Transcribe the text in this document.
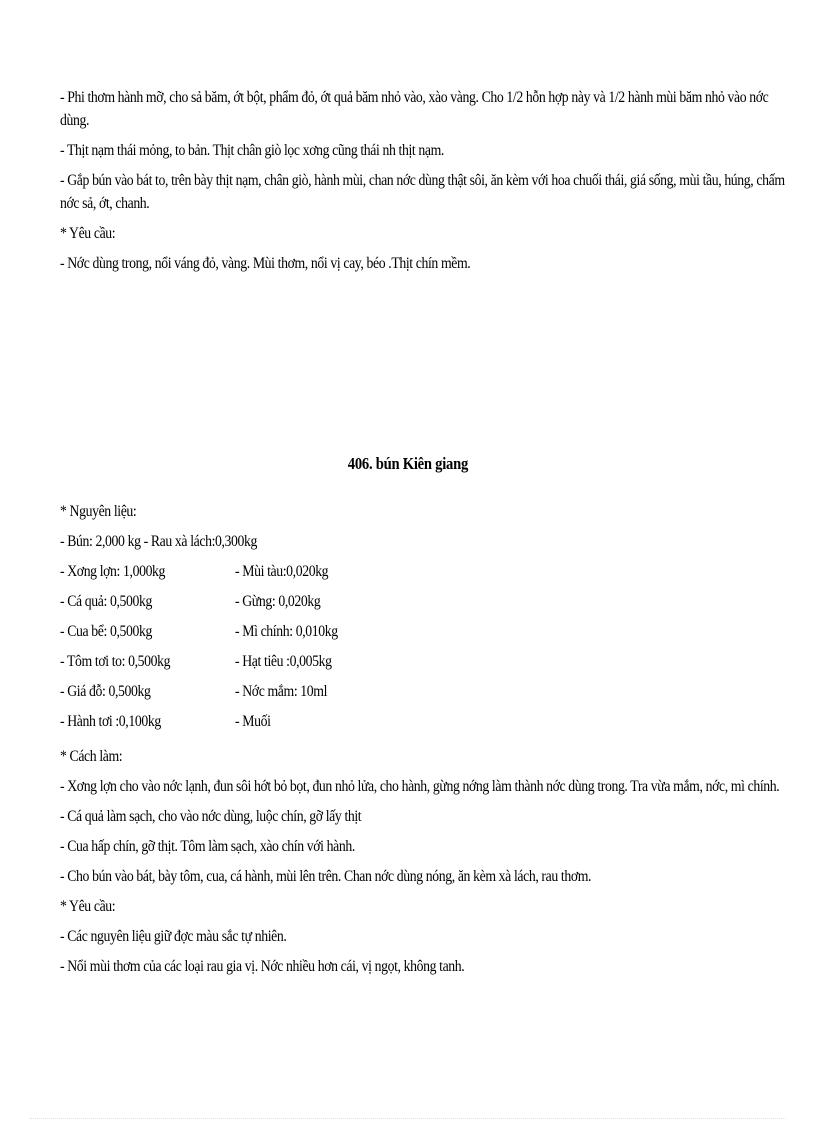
- Phi thơm hành mỡ, cho sả băm, ớt bột, phẩm đỏ, ớt quả băm nhỏ vào, xào vàng. Cho 1/2 hỗn hợp này và 1/2 hành mùi băm nhỏ vào nớc dùng.

- Thịt nạm thái mỏng, to bản. Thịt chân giò lọc xơng cũng thái nh thịt nạm.

- Gắp bún vào bát to, trên bày thịt nạm, chân giò, hành mùi, chan nớc dùng thật sôi, ăn kèm với hoa chuối thái, giá sống, mùi tầu, húng, chấm nớc sả, ớt, chanh.

* Yêu cầu:

- Nớc dùng trong, nổi váng đỏ, vàng. Mùi thơm, nổi vị cay, béo .Thịt chín mềm.

406. bún Kiên giang

* Nguyên liệu:

- Bún: 2,000 kg - Rau xà lách:0,300kg

- Xơng lợn: 1,000kg	- Mùi tàu:0,020kg
- Cá quả: 0,500kg	- Gừng: 0,020kg
- Cua bể: 0,500kg	- Mì chính: 0,010kg
- Tôm tơi to: 0,500kg	- Hạt tiêu :0,005kg
- Giá đỗ: 0,500kg	- Nớc mắm: 10ml
- Hành tơi :0,100kg	- Muối

* Cách làm:

- Xơng lợn cho vào nớc lạnh, đun sôi hớt bỏ bọt, đun nhỏ lửa, cho hành, gừng nớng làm thành nớc dùng trong. Tra vừa mắm, nớc, mì chính.

- Cá quả làm sạch, cho vào nớc dùng, luộc chín, gỡ lấy thịt

- Cua hấp chín, gỡ thịt. Tôm làm sạch, xào chín với hành.

- Cho bún vào bát, bày tôm, cua, cá hành, mùi lên trên. Chan nớc dùng nóng, ăn kèm xà lách, rau thơm.

* Yêu cầu:

- Các nguyên liệu giữ đợc màu sắc tự nhiên.

- Nổi mùi thơm của các loại rau gia vị. Nớc nhiều hơn cái, vị ngọt, không tanh.
